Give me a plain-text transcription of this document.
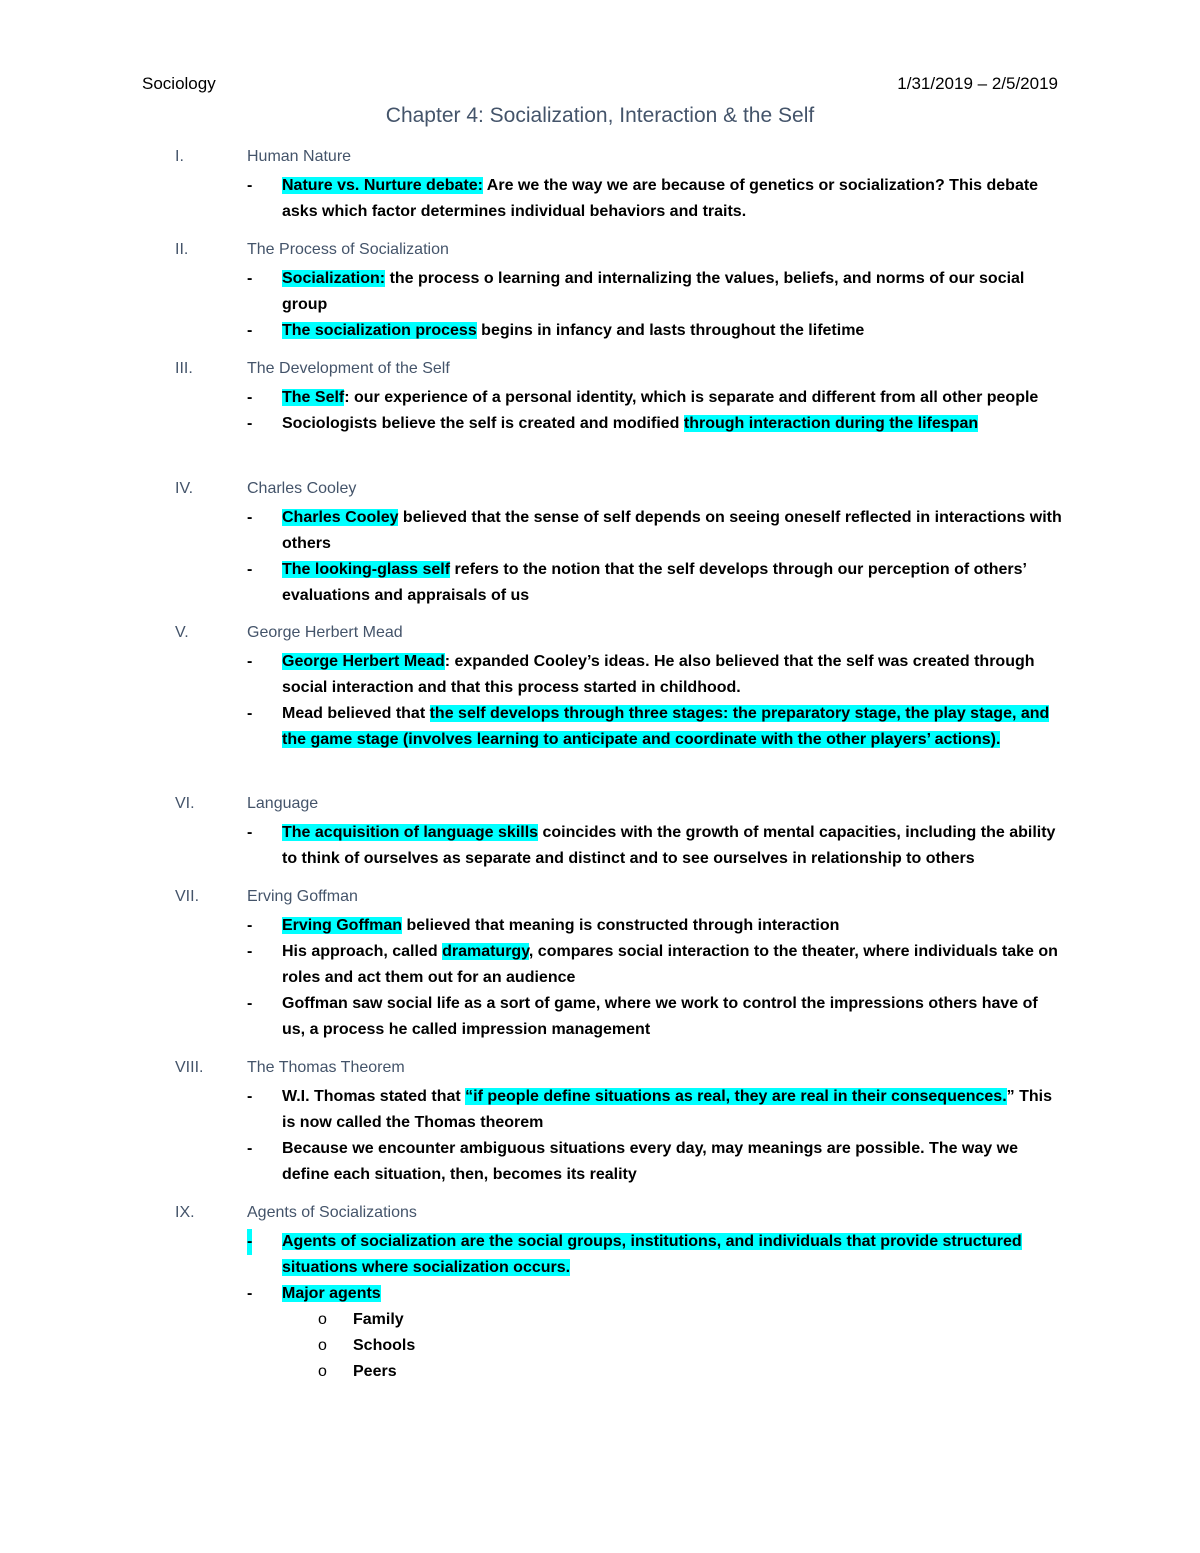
Sociology	1/31/2019 – 2/5/2019
Chapter 4: Socialization, Interaction & the Self
I.	Human Nature
- Nature vs. Nurture debate: Are we the way we are because of genetics or socialization? This debate asks which factor determines individual behaviors and traits.
II.	The Process of Socialization
- Socialization: the process o learning and internalizing the values, beliefs, and norms of our social group
- The socialization process begins in infancy and lasts throughout the lifetime
III.	The Development of the Self
- The Self: our experience of a personal identity, which is separate and different from all other people
- Sociologists believe the self is created and modified through interaction during the lifespan
IV.	Charles Cooley
- Charles Cooley believed that the sense of self depends on seeing oneself reflected in interactions with others
- The looking-glass self refers to the notion that the self develops through our perception of others’ evaluations and appraisals of us
V.	George Herbert Mead
- George Herbert Mead: expanded Cooley’s ideas. He also believed that the self was created through social interaction and that this process started in childhood.
- Mead believed that the self develops through three stages: the preparatory stage, the play stage, and the game stage (involves learning to anticipate and coordinate with the other players’ actions).
VI.	Language
- The acquisition of language skills coincides with the growth of mental capacities, including the ability to think of ourselves as separate and distinct and to see ourselves in relationship to others
VII.	Erving Goffman
- Erving Goffman believed that meaning is constructed through interaction
- His approach, called dramaturgy, compares social interaction to the theater, where individuals take on roles and act them out for an audience
- Goffman saw social life as a sort of game, where we work to control the impressions others have of us, a process he called impression management
VIII.	The Thomas Theorem
- W.I. Thomas stated that “if people define situations as real, they are real in their consequences.” This is now called the Thomas theorem
- Because we encounter ambiguous situations every day, may meanings are possible. The way we define each situation, then, becomes its reality
IX.	Agents of Socializations
- Agents of socialization are the social groups, institutions, and individuals that provide structured situations where socialization occurs.
- Major agents
o Family
o Schools
o Peers
